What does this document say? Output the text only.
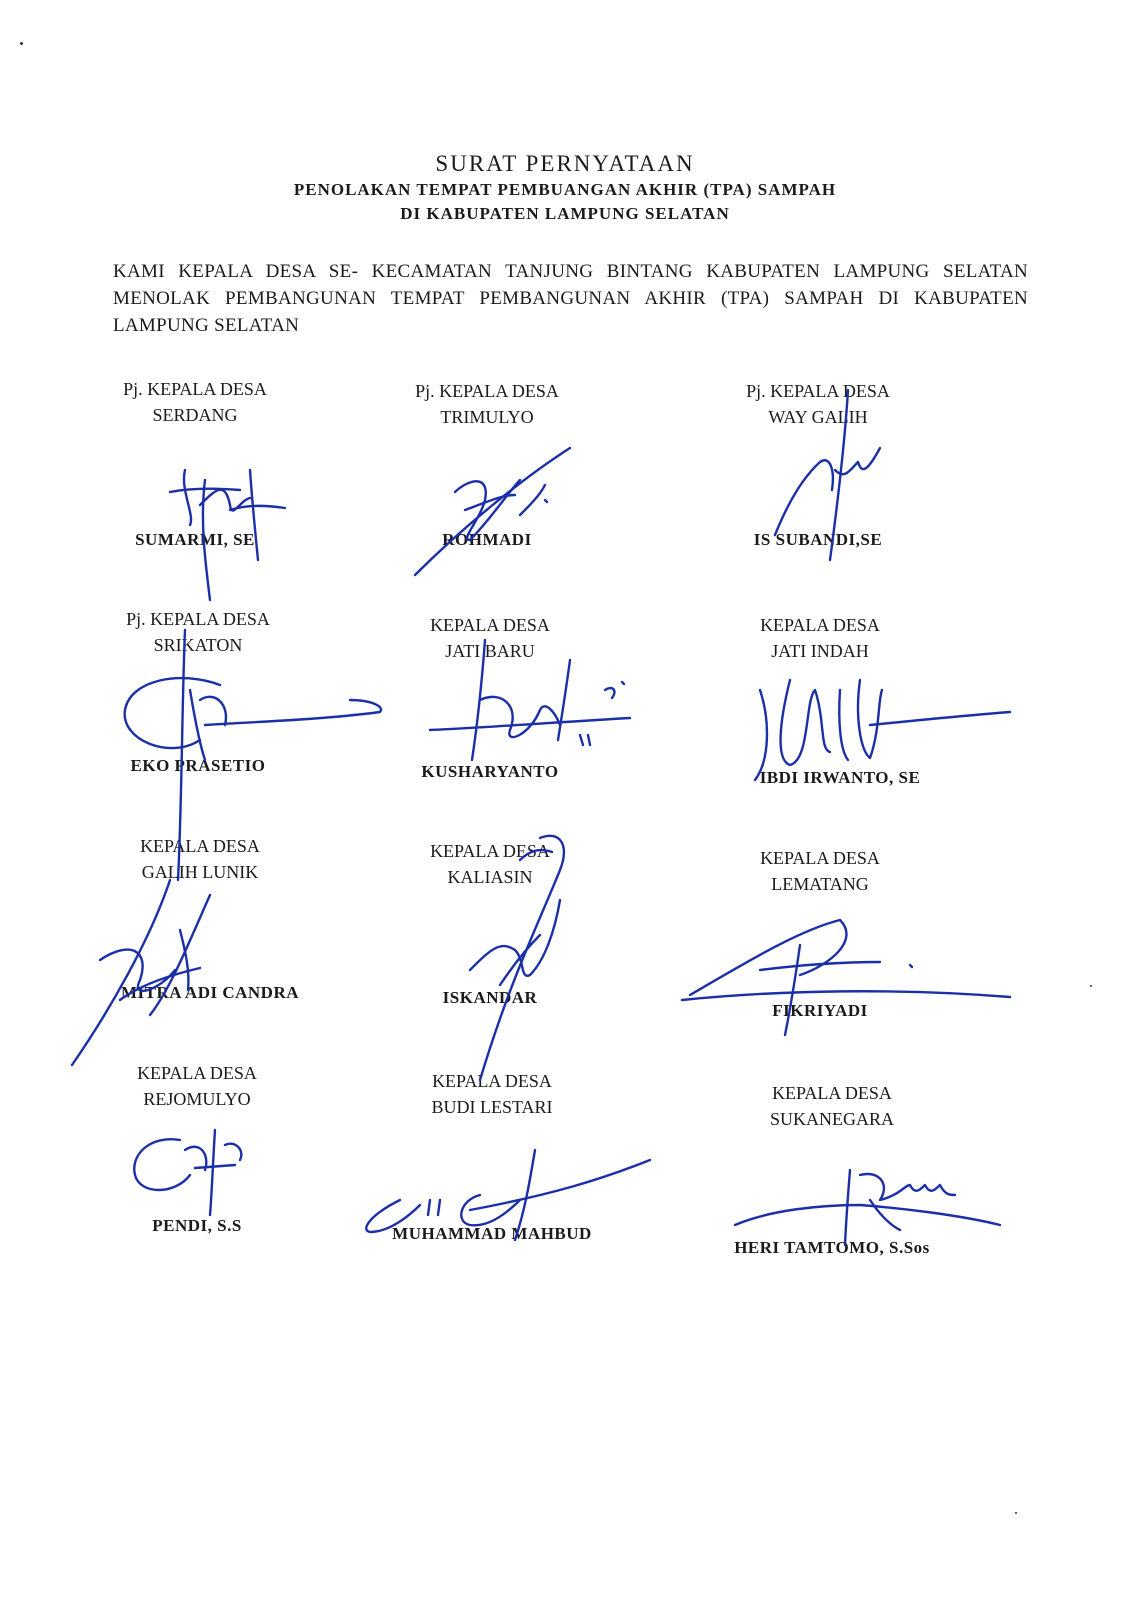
SURAT PERNYATAAN
PENOLAKAN TEMPAT PEMBUANGAN AKHIR (TPA) SAMPAH
DI KABUPATEN LAMPUNG SELATAN
KAMI KEPALA DESA SE- KECAMATAN TANJUNG BINTANG KABUPATEN LAMPUNG SELATAN MENOLAK PEMBANGUNAN TEMPAT PEMBANGUNAN AKHIR (TPA) SAMPAH DI KABUPATEN LAMPUNG SELATAN
Pj. KEPALA DESA
SERDANG
SUMARMI, SE
Pj. KEPALA DESA
TRIMULYO
ROHMADI
Pj. KEPALA DESA
WAY GALIH
IS SUBANDI,SE
Pj. KEPALA DESA
SRIKATON
EKO PRASETIO
KEPALA DESA
JATI BARU
KUSHARYANTO
KEPALA DESA
JATI INDAH
IBDI IRWANTO, SE
KEPALA DESA
GALIH LUNIK
MITRA ADI CANDRA
KEPALA DESA
KALIASIN
ISKANDAR
KEPALA DESA
LEMATANG
FIKRIYADI
KEPALA DESA
REJOMULYO
PENDI, S.S
KEPALA DESA
BUDI LESTARI
MUHAMMAD MAHBUD
KEPALA DESA
SUKANEGARA
HERI TAMTOMO, S.Sos
